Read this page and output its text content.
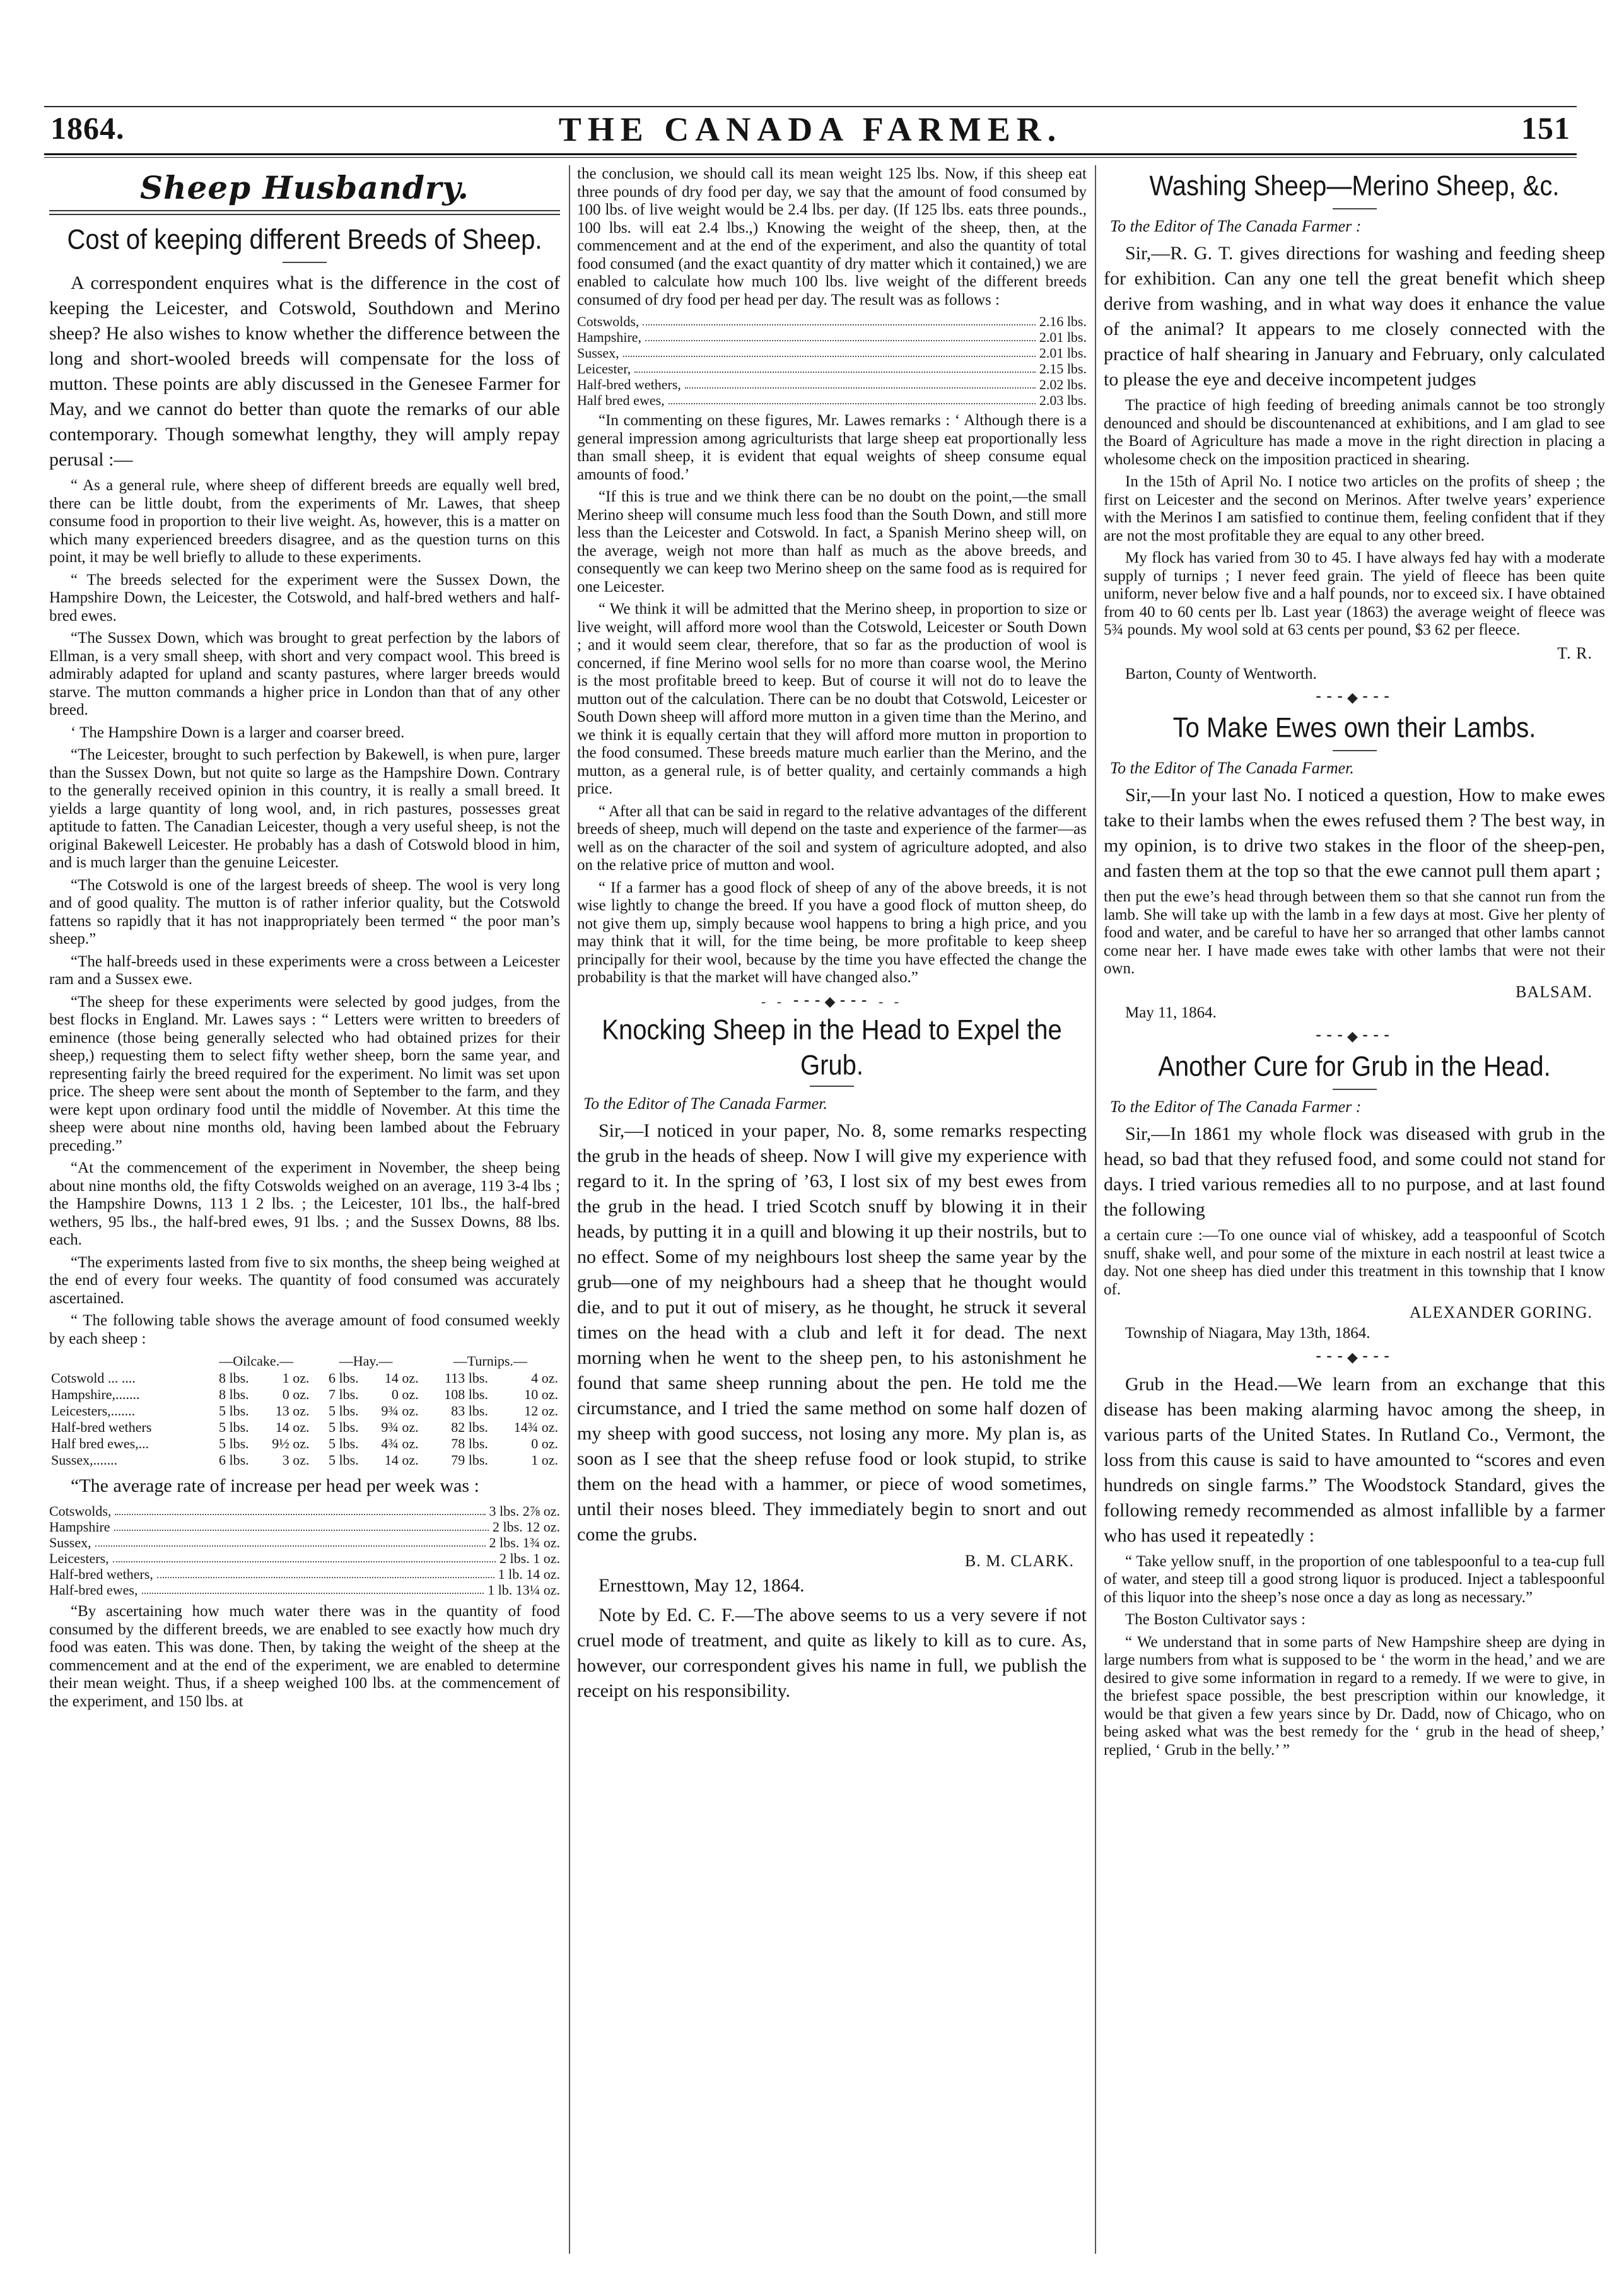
1864.	THE CANADA FARMER.	151
Sheep Husbandry.
Cost of keeping different Breeds of Sheep.

A correspondent enquires what is the difference in the cost of keeping the Leicester, and Cotswold, Southdown and Merino sheep? He also wishes to know whether the difference between the long and short-wooled breeds will compensate for the loss of mutton. These points are ably discussed in the Genesee Farmer for May, and we cannot do better than quote the remarks of our able contemporary. Though somewhat lengthy, they will amply repay perusal :—

“ As a general rule, where sheep of different breeds are equally well bred, there can be little doubt, from the experiments of Mr. Lawes, that sheep consume food in proportion to their live weight. As, however, this is a matter on which many experienced breeders disagree, and as the question turns on this point, it may be well briefly to allude to these experiments.

“ The breeds selected for the experiment were the Sussex Down, the Hampshire Down, the Leicester, the Cotswold, and half-bred wethers and half-bred ewes.

“The Sussex Down, which was brought to great perfection by the labors of Ellman, is a very small sheep, with short and very compact wool. This breed is admirably adapted for upland and scanty pastures, where larger breeds would starve. The mutton commands a higher price in London than that of any other breed.

‘ The Hampshire Down is a larger and coarser breed.

“The Leicester, brought to such perfection by Bakewell, is when pure, larger than the Sussex Down, but not quite so large as the Hampshire Down. Contrary to the generally received opinion in this country, it is really a small breed. It yields a large quantity of long wool, and, in rich pastures, possesses great aptitude to fatten. The Canadian Leicester, though a very useful sheep, is not the original Bakewell Leicester. He probably has a dash of Cotswold blood in him, and is much larger than the genuine Leicester.

“The Cotswold is one of the largest breeds of sheep. The wool is very long and of good quality. The mutton is of rather inferior quality, but the Cotswold fattens so rapidly that it has not inappropriately been termed “ the poor man’s sheep.”

“The half-breeds used in these experiments were a cross between a Leicester ram and a Sussex ewe.

“The sheep for these experiments were selected by good judges, from the best flocks in England. Mr. Lawes says : “ Letters were written to breeders of eminence (those being generally selected who had obtained prizes for their sheep,) requesting them to select fifty wether sheep, born the same year, and representing fairly the breed required for the experiment. No limit was set upon price. The sheep were sent about the month of September to the farm, and they were kept upon ordinary food until the middle of November. At this time the sheep were about nine months old, having been lambed about the February preceding.”

“At the commencement of the experiment in November, the sheep being about nine months old, the fifty Cotswolds weighed on an average, 119 3-4 lbs ; the Hampshire Downs, 113 1 2 lbs. ; the Leicester, 101 lbs., the half-bred wethers, 95 lbs., the half-bred ewes, 91 lbs. ; and the Sussex Downs, 88 lbs. each.

“The experiments lasted from five to six months, the sheep being weighed at the end of every four weeks. The quantity of food consumed was accurately ascertained.

“ The following table shows the average amount of food consumed weekly by each sheep :

	—Oilcake.—		—Hay.—		—Turnips.—	
Cotswold ... ....	8 lbs.	1 oz.	6 lbs.	14 oz.	113 lbs.	4 oz.
Hampshire,.......	8 lbs.	0 oz.	7 lbs.	0 oz.	108 lbs.	10 oz.
Leicesters,.......	5 lbs.	13 oz.	5 lbs.	9¾ oz.	83 lbs.	12 oz.
Half-bred wethers	5 lbs.	14 oz.	5 lbs.	9¾ oz.	82 lbs.	14¾ oz.
Half bred ewes,...	5 lbs.	9½ oz.	5 lbs.	4¾ oz.	78 lbs.	0 oz.
Sussex,.......	6 lbs.	3 oz.	5 lbs.	14 oz.	79 lbs.	1 oz.

“The average rate of increase per head per week was :

Cotswolds,	3 lbs. 2⅞ oz.
Hampshire	2 lbs. 12 oz.
Sussex,	2 lbs. 1¾ oz.
Leicesters,	2 lbs. 1 oz.
Half-bred wethers,	1 lb. 14 oz.
Half-bred ewes,	1 lb. 13¼ oz.

“By ascertaining how much water there was in the quantity of food consumed by the different breeds, we are enabled to see exactly how much dry food was eaten. This was done. Then, by taking the weight of the sheep at the commencement and at the end of the experiment, we are enabled to determine their mean weight. Thus, if a sheep weighed 100 lbs. at the commencement of the experiment, and 150 lbs. at

the conclusion, we should call its mean weight 125 lbs. Now, if this sheep eat three pounds of dry food per day, we say that the amount of food consumed by 100 lbs. of live weight would be 2.4 lbs. per day. (If 125 lbs. eats three pounds., 100 lbs. will eat 2.4 lbs.,) Knowing the weight of the sheep, then, at the commencement and at the end of the experiment, and also the quantity of total food consumed (and the exact quantity of dry matter which it contained,) we are enabled to calculate how much 100 lbs. live weight of the different breeds consumed of dry food per head per day. The result was as follows :

Cotswolds,	2.16 lbs.
Hampshire,	2.01 lbs.
Sussex,	2.01 lbs.
Leicester,	2.15 lbs.
Half-bred wethers,	2.02 lbs.
Half bred ewes,	2.03 lbs.

“In commenting on these figures, Mr. Lawes remarks : ‘ Although there is a general impression among agriculturists that large sheep eat proportionally less than small sheep, it is evident that equal weights of sheep consume equal amounts of food.’

“If this is true and we think there can be no doubt on the point,—the small Merino sheep will consume much less food than the South Down, and still more less than the Leicester and Cotswold. In fact, a Spanish Merino sheep will, on the average, weigh not more than half as much as the above breeds, and consequently we can keep two Merino sheep on the same food as is required for one Leicester.

“ We think it will be admitted that the Merino sheep, in proportion to size or live weight, will afford more wool than the Cotswold, Leicester or South Down ; and it would seem clear, therefore, that so far as the production of wool is concerned, if fine Merino wool sells for no more than coarse wool, the Merino is the most profitable breed to keep. But of course it will not do to leave the mutton out of the calculation. There can be no doubt that Cotswold, Leicester or South Down sheep will afford more mutton in a given time than the Merino, and we think it is equally certain that they will afford more mutton in proportion to the food consumed. These breeds mature much earlier than the Merino, and the mutton, as a general rule, is of better quality, and certainly commands a high price.

“ After all that can be said in regard to the relative advantages of the different breeds of sheep, much will depend on the taste and experience of the farmer—as well as on the character of the soil and system of agriculture adopted, and also on the relative price of mutton and wool.

“ If a farmer has a good flock of sheep of any of the above breeds, it is not wise lightly to change the breed. If you have a good flock of mutton sheep, do not give them up, simply because wool happens to bring a high price, and you may think that it will, for the time being, be more profitable to keep sheep principally for their wool, because by the time you have effected the change the probability is that the market will have changed also.”

- - ⁃⁃⁃◆⁃⁃⁃ - -
Knocking Sheep in the Head to Expel the Grub.
To the Editor of The Canada Farmer.

Sir,—I noticed in your paper, No. 8, some remarks respecting the grub in the heads of sheep. Now I will give my experience with regard to it. In the spring of ’63, I lost six of my best ewes from the grub in the head. I tried Scotch snuff by blowing it in their heads, by putting it in a quill and blowing it up their nostrils, but to no effect. Some of my neighbours lost sheep the same year by the grub—one of my neighbours had a sheep that he thought would die, and to put it out of misery, as he thought, he struck it several times on the head with a club and left it for dead. The next morning when he went to the sheep pen, to his astonishment he found that same sheep running about the pen. He told me the circumstance, and I tried the same method on some half dozen of my sheep with good success, not losing any more. My plan is, as soon as I see that the sheep refuse food or look stupid, to strike them on the head with a hammer, or piece of wood sometimes, until their noses bleed. They immediately begin to snort and out come the grubs.

B. M. CLARK.

Ernesttown, May 12, 1864.

Note by Ed. C. F.—The above seems to us a very severe if not cruel mode of treatment, and quite as likely to kill as to cure. As, however, our correspondent gives his name in full, we publish the receipt on his responsibility.

Washing Sheep—Merino Sheep, &c.
To the Editor of The Canada Farmer :

Sir,—R. G. T. gives directions for washing and feeding sheep for exhibition. Can any one tell the great benefit which sheep derive from washing, and in what way does it enhance the value of the animal? It appears to me closely connected with the practice of half shearing in January and February, only calculated to please the eye and deceive incompetent judges

The practice of high feeding of breeding animals cannot be too strongly denounced and should be discountenanced at exhibitions, and I am glad to see the Board of Agriculture has made a move in the right direction in placing a wholesome check on the imposition practiced in shearing.

In the 15th of April No. I notice two articles on the profits of sheep ; the first on Leicester and the second on Merinos. After twelve years’ experience with the Merinos I am satisfied to continue them, feeling confident that if they are not the most profitable they are equal to any other breed.

My flock has varied from 30 to 45. I have always fed hay with a moderate supply of turnips ; I never feed grain. The yield of fleece has been quite uniform, never below five and a half pounds, nor to exceed six. I have obtained from 40 to 60 cents per lb. Last year (1863) the average weight of fleece was 5¾ pounds. My wool sold at 63 cents per pound, $3 62 per fleece.

T. R.

Barton, County of Wentworth.

⁃⁃⁃◆⁃⁃⁃
To Make Ewes own their Lambs.
To the Editor of The Canada Farmer.

Sir,—In your last No. I noticed a question, How to make ewes take to their lambs when the ewes refused them ? The best way, in my opinion, is to drive two stakes in the floor of the sheep-pen, and fasten them at the top so that the ewe cannot pull them apart ;

then put the ewe’s head through between them so that she cannot run from the lamb. She will take up with the lamb in a few days at most. Give her plenty of food and water, and be careful to have her so arranged that other lambs cannot come near her. I have made ewes take with other lambs that were not their own.

BALSAM.

May 11, 1864.

⁃⁃⁃◆⁃⁃⁃
Another Cure for Grub in the Head.
To the Editor of The Canada Farmer :

Sir,—In 1861 my whole flock was diseased with grub in the head, so bad that they refused food, and some could not stand for days. I tried various remedies all to no purpose, and at last found the following

a certain cure :—To one ounce vial of whiskey, add a teaspoonful of Scotch snuff, shake well, and pour some of the mixture in each nostril at least twice a day. Not one sheep has died under this treatment in this township that I know of.

ALEXANDER GORING.

Township of Niagara, May 13th, 1864.

⁃⁃⁃◆⁃⁃⁃

Grub in the Head.—We learn from an exchange that this disease has been making alarming havoc among the sheep, in various parts of the United States. In Rutland Co., Vermont, the loss from this cause is said to have amounted to “scores and even hundreds on single farms.” The Woodstock Standard, gives the following remedy recommended as almost infallible by a farmer who has used it repeatedly :

“ Take yellow snuff, in the proportion of one tablespoonful to a tea-cup full of water, and steep till a good strong liquor is produced. Inject a tablespoonful of this liquor into the sheep’s nose once a day as long as necessary.”

The Boston Cultivator says :

“ We understand that in some parts of New Hampshire sheep are dying in large numbers from what is supposed to be ‘ the worm in the head,’ and we are desired to give some information in regard to a remedy. If we were to give, in the briefest space possible, the best prescription within our knowledge, it would be that given a few years since by Dr. Dadd, now of Chicago, who on being asked what was the best remedy for the ‘ grub in the head of sheep,’ replied, ‘ Grub in the belly.’ ”
